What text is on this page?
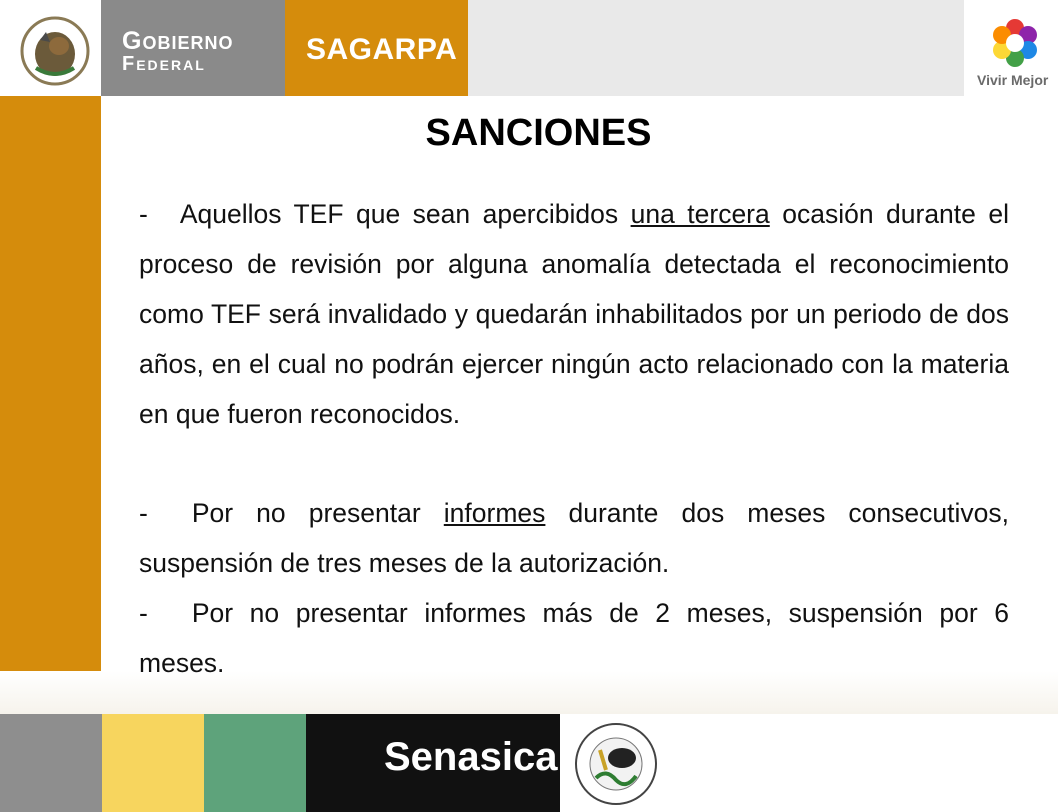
Gobierno
Federal	SAGARPA
Vivir Mejor
SANCIONES
- Aquellos TEF que sean apercibidos una tercera ocasión durante el proceso de revisión por alguna anomalía detectada el reconocimiento como TEF será invalidado y quedarán inhabilitados por un periodo de dos años, en el cual no podrán ejercer ningún acto relacionado con la materia en que fueron reconocidos.
- Por no presentar informes durante dos meses consecutivos, suspensión de tres meses de la autorización.
- Por no presentar informes más de 2 meses, suspensión por 6 meses.
Senasica
